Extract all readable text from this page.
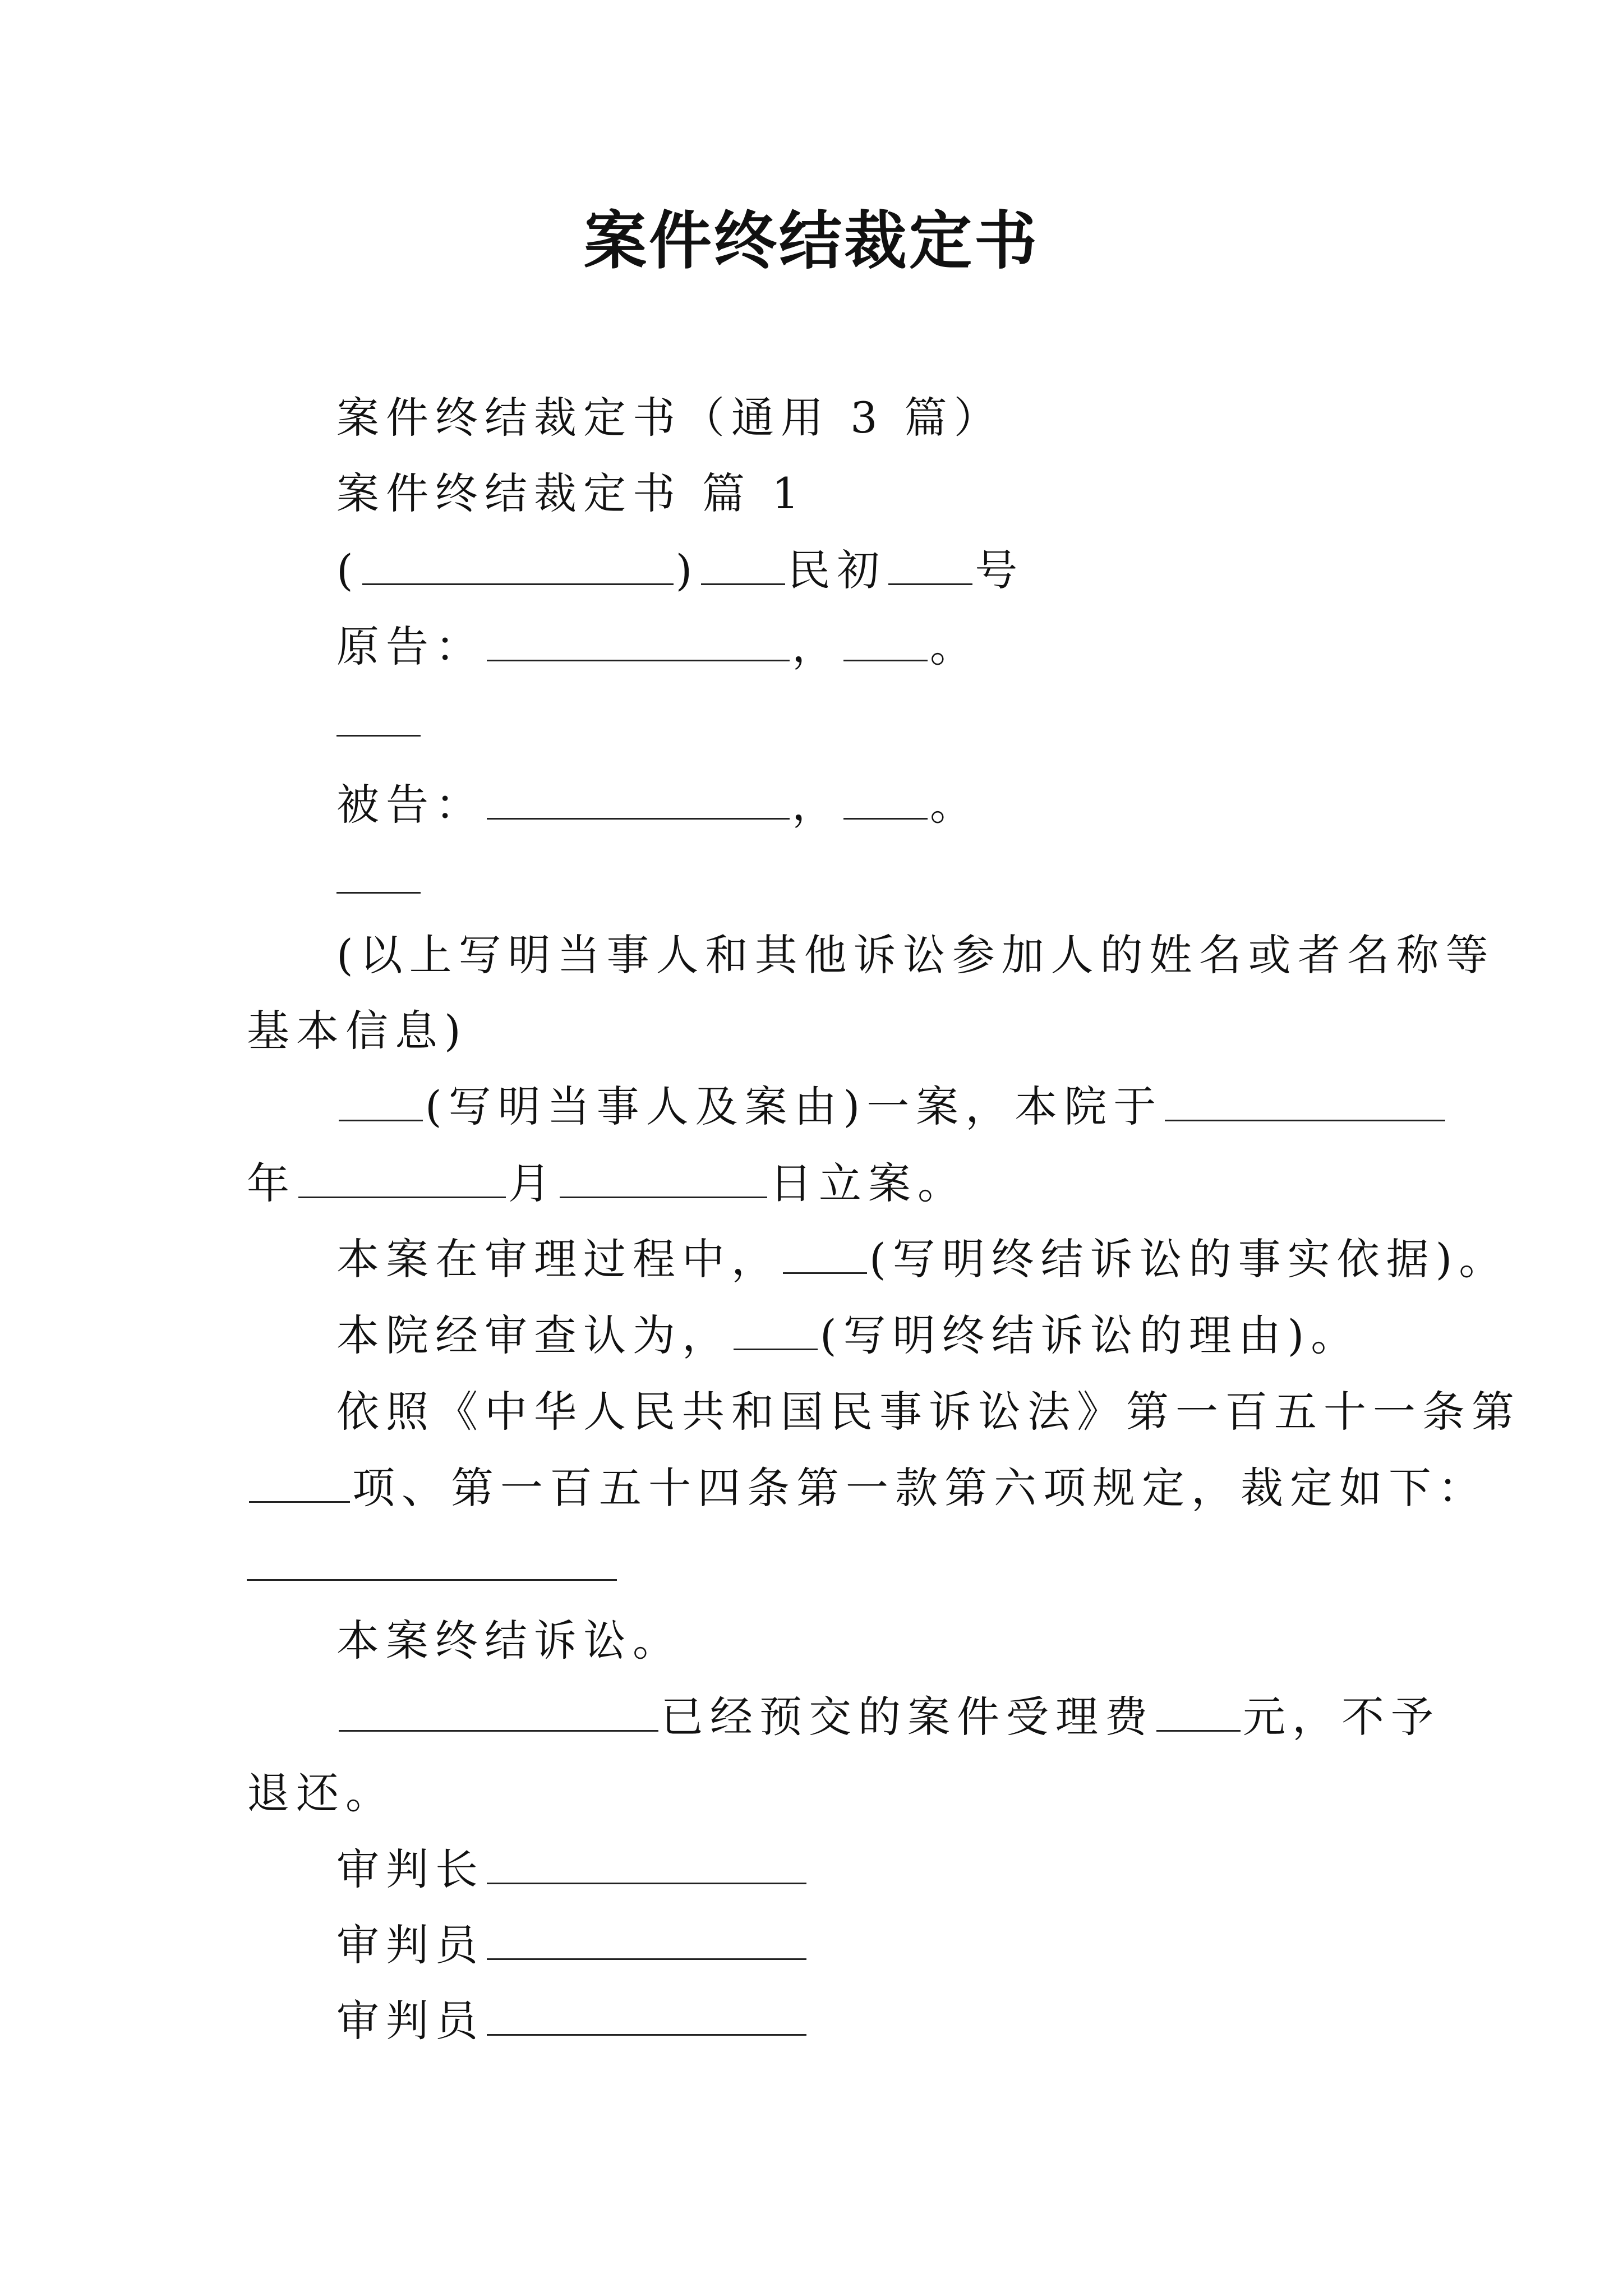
案件终结裁定书
案件终结裁定书（通用 3 篇）
案件终结裁定书 篇 1
(	) 民初 号
原告：	， 。
被告：	， 。
(以上写明当事人和其他诉讼参加人的姓名或者名称等
基本信息)
(写明当事人及案由)一案，本院于
年	月	日立案。
本案在审理过程中， (写明终结诉讼的事实依据)。
本院经审查认为， (写明终结诉讼的理由)。
依照《中华人民共和国民事诉讼法》第一百五十一条第
项、第一百五十四条第一款第六项规定，裁定如下：
本案终结诉讼。
已经预交的案件受理费 元，不予
退还。
审判长
审判员
审判员
